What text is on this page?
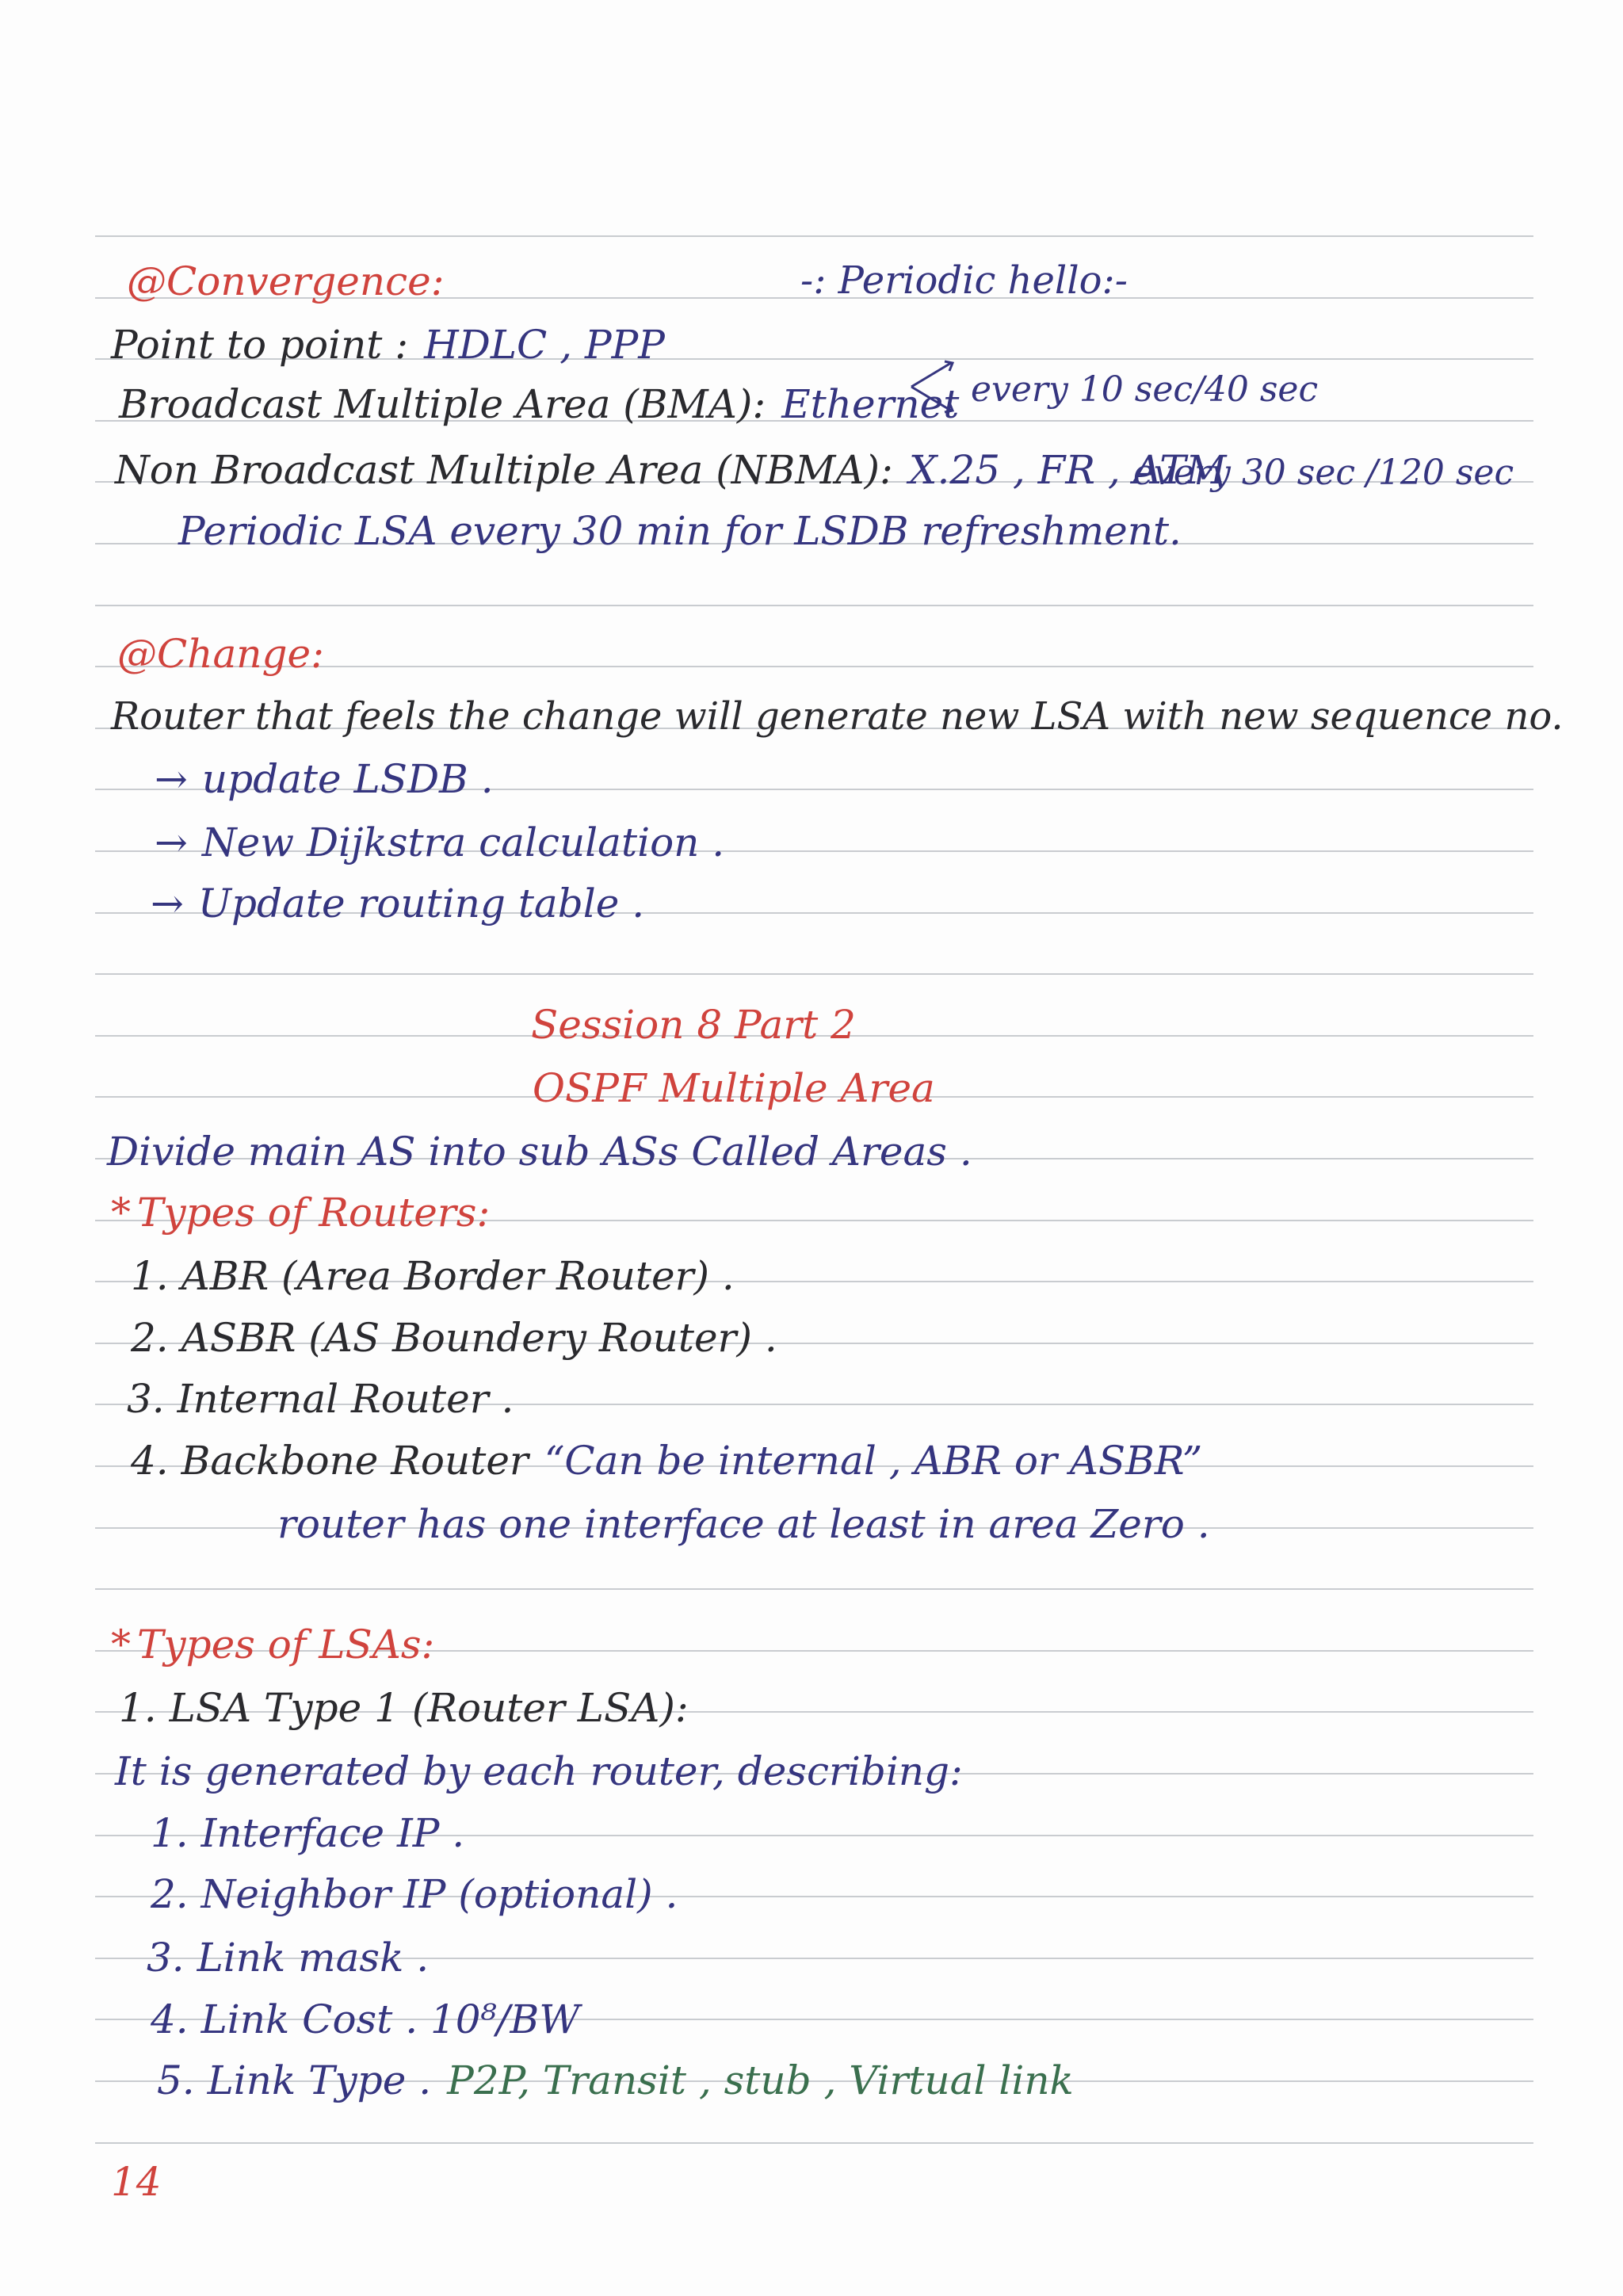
@Convergence:	-: Periodic hello:-
Point to point : HDLC , PPP
Broadcast Multiple Area (BMA): Ethernet every 10 sec/40 sec
Non Broadcast Multiple Area (NBMA): X.25 , FR , ATM
every 30 sec /120 sec
Periodic LSA every 30 min for LSDB refreshment.
@Change:
Router that feels the change will generate new LSA with new sequence no.
→ update LSDB .
→ New Dijkstra calculation .
→ Update routing table .
Session 8 Part 2
OSPF Multiple Area
Divide main AS into sub ASs Called Areas .
* Types of Routers:
1. ABR (Area Border Router) .
2. ASBR (AS Boundery Router) .
3. Internal Router .
4. Backbone Router “Can be internal , ABR or ASBR”
router has one interface at least in area Zero .
* Types of LSAs:
1. LSA Type 1 (Router LSA):
It is generated by each router, describing:
1. Interface IP .
2. Neighbor IP (optional) .
3. Link mask .
4. Link Cost . 10⁸/BW
5. Link Type . P2P, Transit , stub , Virtual link
14
